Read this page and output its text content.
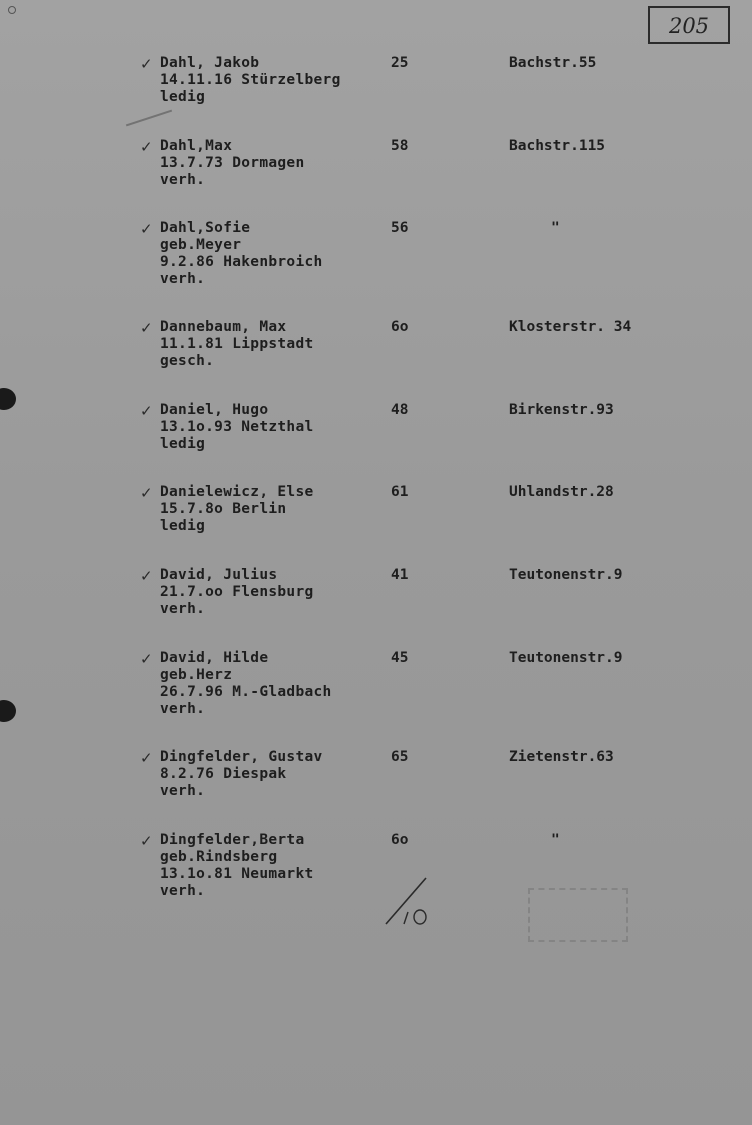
205
✓ Dahl, Jakob
14.11.16 Stürzelberg
ledig
25	Bachstr.55
✓ Dahl,Max
13.7.73 Dormagen
verh.
58	Bachstr.115
✓ Dahl,Sofie
geb.Meyer
9.2.86 Hakenbroich
verh.
56	"
✓ Dannebaum, Max
11.1.81 Lippstadt
gesch.
6o	Klosterstr. 34
✓ Daniel, Hugo
13.1o.93 Netzthal
ledig
48	Birkenstr.93
✓ Danielewicz, Else
15.7.8o Berlin
ledig
61	Uhlandstr.28
✓ David, Julius
21.7.oo Flensburg
verh.
41	Teutonenstr.9
✓ David, Hilde
geb.Herz
26.7.96 M.-Gladbach
verh.
45	Teutonenstr.9
✓ Dingfelder, Gustav
8.2.76 Diespak
verh.
65	Zietenstr.63
✓ Dingfelder,Berta
geb.Rindsberg
13.1o.81 Neumarkt
verh.
6o	"
